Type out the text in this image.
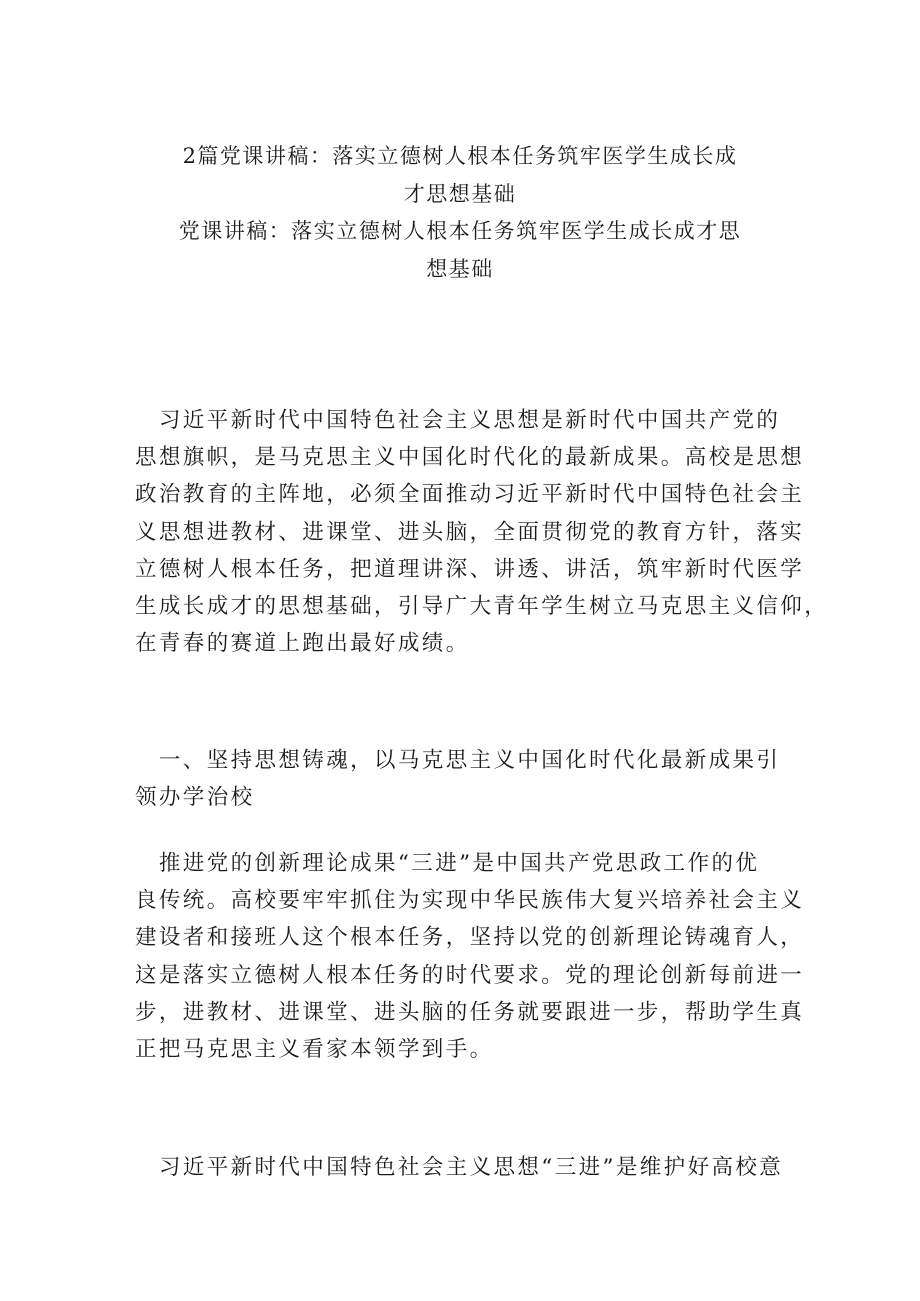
2篇党课讲稿：落实立德树人根本任务筑牢医学生成长成
才思想基础
党课讲稿：落实立德树人根本任务筑牢医学生成长成才思
想基础
　习近平新时代中国特色社会主义思想是新时代中国共产党的
思想旗帜，是马克思主义中国化时代化的最新成果。高校是思想
政治教育的主阵地，必须全面推动习近平新时代中国特色社会主
义思想进教材、进课堂、进头脑，全面贯彻党的教育方针，落实
立德树人根本任务，把道理讲深、讲透、讲活，筑牢新时代医学
生成长成才的思想基础，引导广大青年学生树立马克思主义信仰，
在青春的赛道上跑出最好成绩。
　一、坚持思想铸魂，以马克思主义中国化时代化最新成果引
领办学治校
　推进党的创新理论成果“三进”是中国共产党思政工作的优
良传统。高校要牢牢抓住为实现中华民族伟大复兴培养社会主义
建设者和接班人这个根本任务，坚持以党的创新理论铸魂育人，
这是落实立德树人根本任务的时代要求。党的理论创新每前进一
步，进教材、进课堂、进头脑的任务就要跟进一步，帮助学生真
正把马克思主义看家本领学到手。
　习近平新时代中国特色社会主义思想“三进”是维护好高校意
